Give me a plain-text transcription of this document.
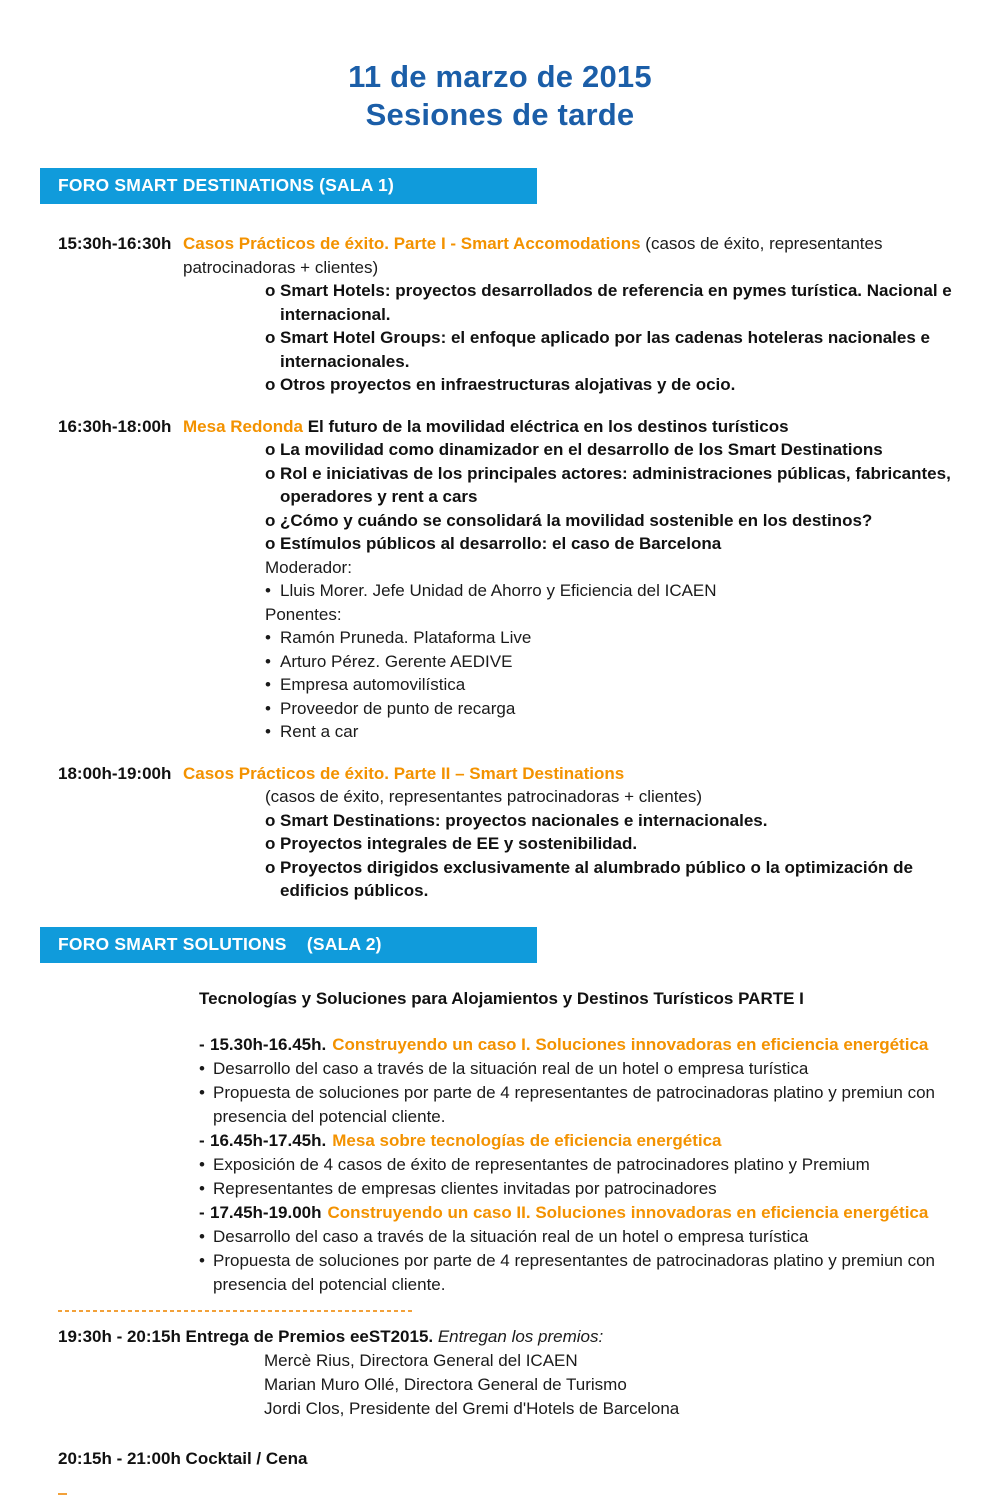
11 de marzo de 2015
Sesiones de tarde
FORO SMART DESTINATIONS (SALA 1)
15:30h-16:30h Casos Prácticos de éxito. Parte I - Smart Accomodations (casos de éxito, representantes patrocinadoras + clientes)
o Smart Hotels: proyectos desarrollados de referencia en pymes turística. Nacional e internacional.
o Smart Hotel Groups: el enfoque aplicado por las cadenas hoteleras nacionales e internacionales.
o Otros proyectos en infraestructuras alojativas y de ocio.
16:30h-18:00h Mesa Redonda El futuro de la movilidad eléctrica en los destinos turísticos
o La movilidad como dinamizador en el desarrollo de los Smart Destinations
o Rol e iniciativas de los principales actores: administraciones públicas, fabricantes, operadores y rent a cars
o ¿Cómo y cuándo se consolidará la movilidad sostenible en los destinos?
o Estímulos públicos al desarrollo: el caso de Barcelona
Moderador:
• Lluis Morer. Jefe Unidad de Ahorro y Eficiencia del ICAEN
Ponentes:
• Ramón Pruneda. Plataforma Live
• Arturo Pérez. Gerente AEDIVE
• Empresa automovilística
• Proveedor de punto de recarga
• Rent a car
18:00h-19:00h Casos Prácticos de éxito. Parte II – Smart Destinations
(casos de éxito, representantes patrocinadoras + clientes)
o Smart Destinations: proyectos nacionales e internacionales.
o Proyectos integrales de EE y sostenibilidad.
o Proyectos dirigidos exclusivamente al alumbrado público o la optimización de edificios públicos.
FORO SMART SOLUTIONS    (SALA 2)
Tecnologías y Soluciones para Alojamientos y Destinos Turísticos PARTE I
- 15.30h-16.45h. Construyendo un caso I. Soluciones innovadoras en eficiencia energética
• Desarrollo del caso a través de la situación real de un hotel o empresa turística
• Propuesta de soluciones por parte de 4 representantes de patrocinadoras platino y premiun con presencia del potencial cliente.
- 16.45h-17.45h. Mesa sobre tecnologías de eficiencia energética
• Exposición de 4 casos de éxito de representantes de patrocinadores platino y Premium
• Representantes de empresas clientes invitadas por patrocinadores
- 17.45h-19.00h Construyendo un caso II. Soluciones innovadoras en eficiencia energética
• Desarrollo del caso a través de la situación real de un hotel o empresa turística
• Propuesta de soluciones por parte de 4 representantes de patrocinadoras platino y premiun con presencia del potencial cliente.
19:30h - 20:15h Entrega de Premios eeST2015. Entregan los premios:
Mercè Rius, Directora General del ICAEN
Marian Muro Ollé, Directora General de Turismo
Jordi Clos, Presidente del Gremi d'Hotels de Barcelona
20:15h - 21:00h Cocktail / Cena
